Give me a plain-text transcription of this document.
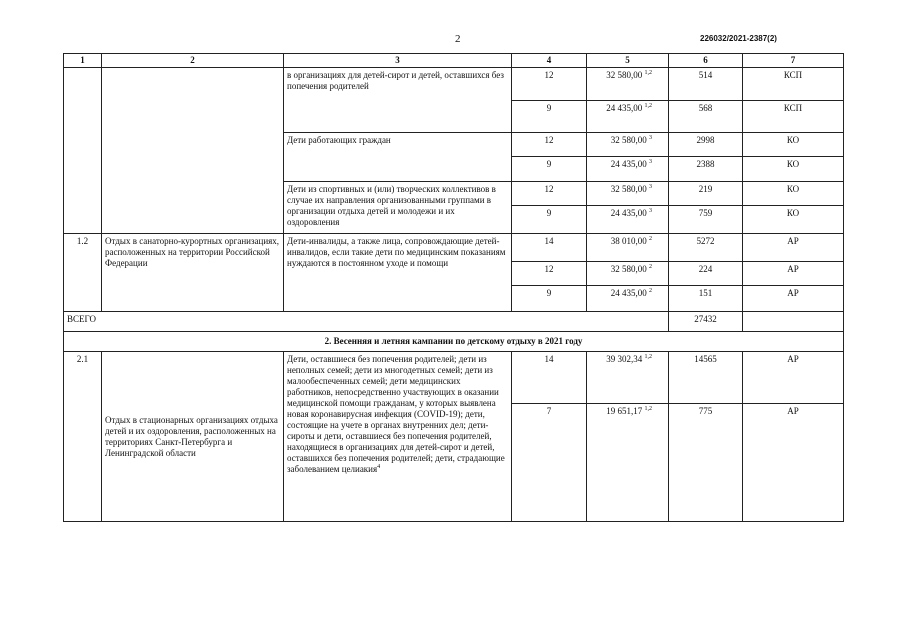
2	226032/2021-2387(2)
1	2	3	4	5	6	7
		в организациях для детей-сирот и детей, оставшихся без попечения родителей	12	32 580,00 $^{1,2}$	514	КСП
			9	24 435,00 $^{1,2}$	568	КСП
		Дети работающих граждан	12	32 580,00 $^3$	2998	КО
			9	24 435,00 $^3$	2388	КО
		Дети из спортивных и (или) творческих коллективов в случае их направления организованными группами в организации отдыха детей и молодежи и их оздоровления	12	32 580,00 $^3$	219	КО
			9	24 435,00 $^3$	759	КО
1.2	Отдых в санаторно-курортных организациях, расположенных на территории Российской Федерации	Дети-инвалиды, а также лица, сопровождающие детей-инвалидов, если такие дети по медицинским показаниям нуждаются в постоянном уходе и помощи	14	38 010,00 $^2$	5272	АР
			12	32 580,00 $^2$	224	АР
			9	24 435,00 $^2$	151	АР
ВСЕГО					27432	
2. Весенняя и летняя кампании по детскому отдыху в 2021 году						
2.1	Отдых в стационарных организациях отдыха детей и их оздоровления, расположенных на территориях Санкт-Петербурга и Ленинградской области	Дети, оставшиеся без попечения родителей; дети из неполных семей; дети из многодетных семей; дети из малообеспеченных семей; дети медицинских работников, непосредственно участвующих в оказании медицинской помощи гражданам, у которых выявлена новая коронавирусная инфекция (COVID-19); дети, состоящие на учете в органах внутренних дел; дети-сироты и дети, оставшиеся без попечения родителей, находящиеся в организациях для детей-сирот и детей, оставшихся без попечения родителей; дети, страдающие заболеванием целиакия$^4$	14	39 302,34 $^{1,2}$	14565	АР
			7	19 651,17 $^{1,2}$	775	АР
